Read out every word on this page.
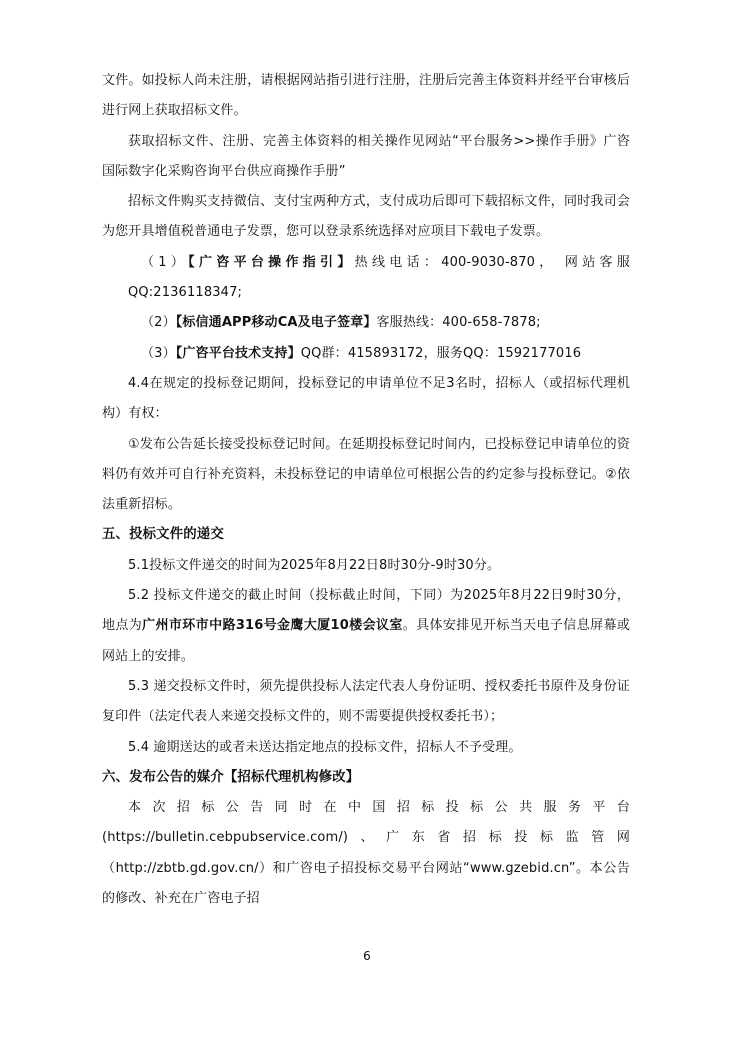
文件。如投标人尚未注册，请根据网站指引进行注册，注册后完善主体资料并经平台审核后进行网上获取招标文件。

获取招标文件、注册、完善主体资料的相关操作见网站“平台服务>>操作手册》广咨国际数字化采购咨询平台供应商操作手册”

招标文件购买支持微信、支付宝两种方式，支付成功后即可下载招标文件，同时我司会为您开具增值税普通电子发票，您可以登录系统选择对应项目下载电子发票。

（1）【广咨平台操作指引】热线电话：400-9030-870， 网站客服QQ:2136118347;

（2）【标信通APP移动CA及电子签章】客服热线：400-658-7878;

（3）【广咨平台技术支持】QQ群：415893172，服务QQ：1592177016

4.4在规定的投标登记期间，投标登记的申请单位不足3名时，招标人（或招标代理机构）有权：

①发布公告延长接受投标登记时间。在延期投标登记时间内，已投标登记申请单位的资料仍有效并可自行补充资料，未投标登记的申请单位可根据公告的约定参与投标登记。②依法重新招标。

五、投标文件的递交

5.1投标文件递交的时间为2025年8月22日8时30分-9时30分。

5.2 投标文件递交的截止时间（投标截止时间，下同）为2025年8月22日9时30分，地点为广州市环市中路316号金鹰大厦10楼会议室。具体安排见开标当天电子信息屏幕或网站上的安排。

5.3 递交投标文件时，须先提供投标人法定代表人身份证明、授权委托书原件及身份证复印件（法定代表人来递交投标文件的，则不需要提供授权委托书）；

5.4 逾期送达的或者未送达指定地点的投标文件，招标人不予受理。

六、发布公告的媒介【招标代理机构修改】

本次招标公告同时在中国招标投标公共服务平台(https://bulletin.cebpubservice.com/)、广东省招标投标监管网（http://zbtb.gd.gov.cn/）和广咨电子招投标交易平台网站“www.gzebid.cn”。本公告的修改、补充在广咨电子招

6
